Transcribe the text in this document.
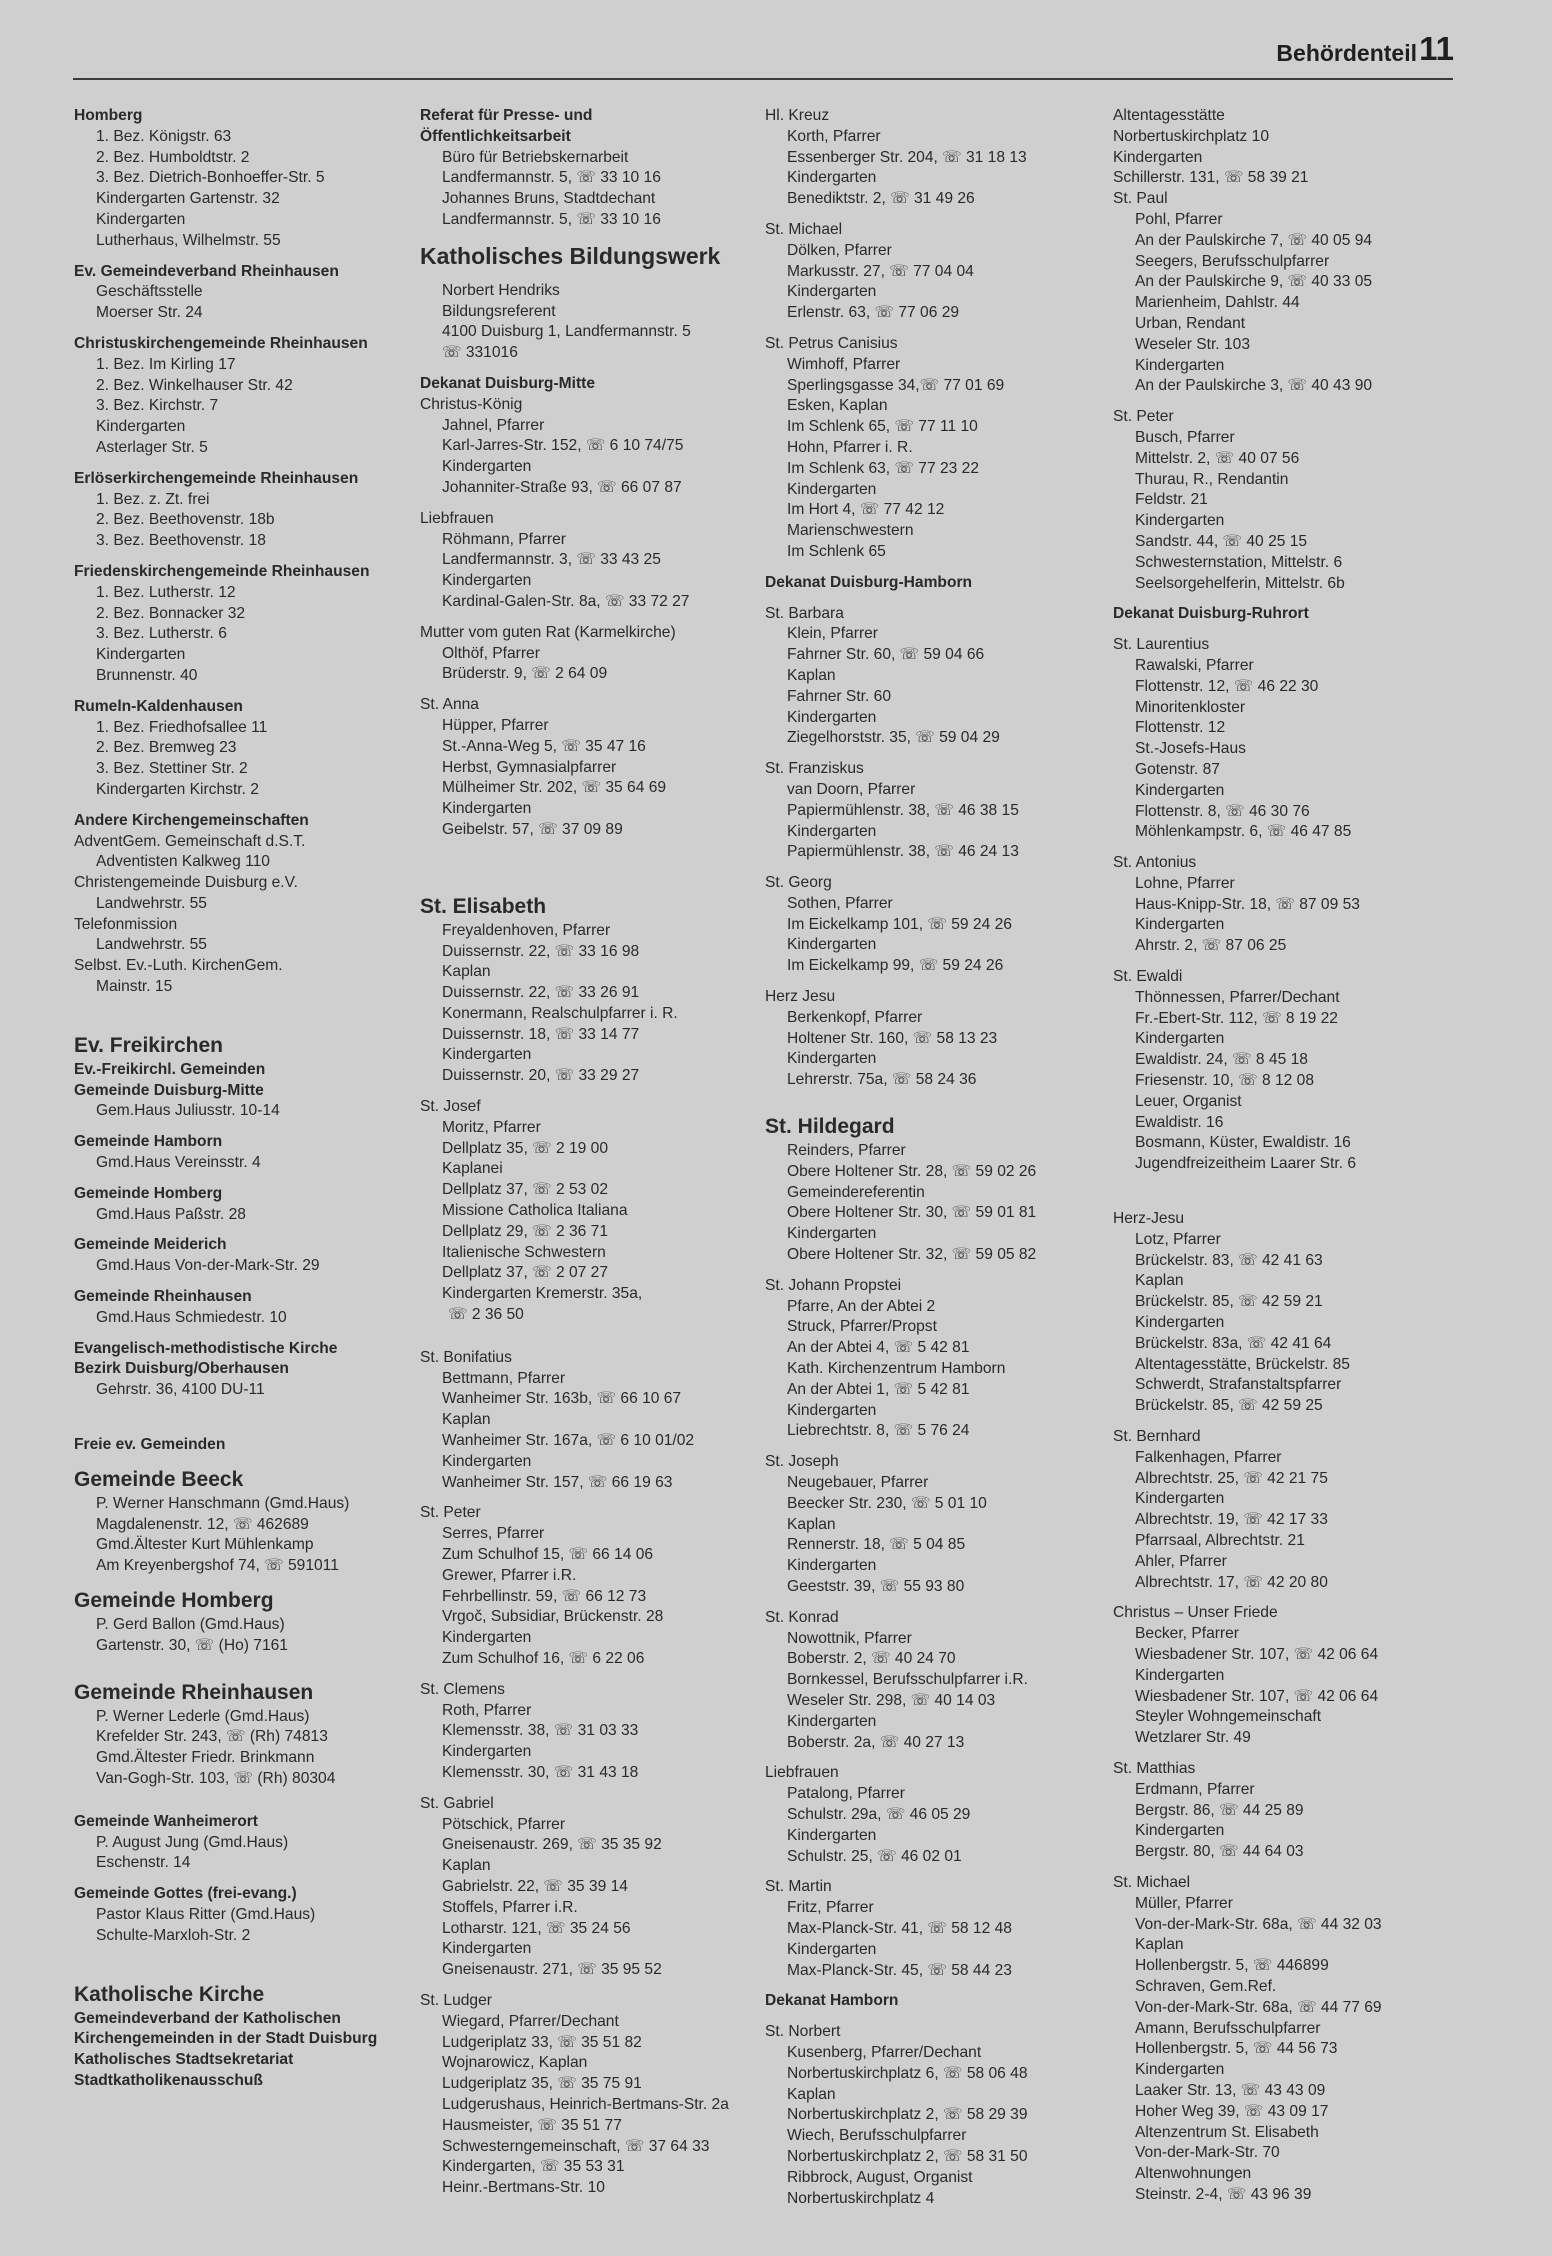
Behördenteil 11
Homberg
1. Bez. Königstr. 63
2. Bez. Humboldtstr. 2
3. Bez. Dietrich-Bonhoeffer-Str. 5
Kindergarten Gartenstr. 32
Kindergarten
Lutherhaus, Wilhelmstr. 55
Ev. Gemeindeverband Rheinhausen
Geschäftsstelle
Moerser Str. 24
Christuskirchengemeinde Rheinhausen
1. Bez. Im Kirling 17
2. Bez. Winkelhauser Str. 42
3. Bez. Kirchstr. 7
Kindergarten
Asterlager Str. 5
Erlöserkirchengemeinde Rheinhausen
1. Bez. z. Zt. frei
2. Bez. Beethovenstr. 18b
3. Bez. Beethovenstr. 18
Friedenskirchengemeinde Rheinhausen
1. Bez. Lutherstr. 12
2. Bez. Bonnacker 32
3. Bez. Lutherstr. 6
Kindergarten
Brunnenstr. 40
Rumeln-Kaldenhausen
1. Bez. Friedhofsallee 11
2. Bez. Bremweg 23
3. Bez. Stettiner Str. 2
Kindergarten Kirchstr. 2
Andere Kirchengemeinschaften
AdventGem. Gemeinschaft d.S.T.
Adventisten Kalkweg 110
Christengemeinde Duisburg e.V.
Landwehrstr. 55
Telefonmission
Landwehrstr. 55
Selbst. Ev.-Luth. KirchenGem.
Mainstr. 15
Ev. Freikirchen
Ev.-Freikirchl. Gemeinden
Gemeinde Duisburg-Mitte
Gem.Haus Juliusstr. 10-14
Gemeinde Hamborn
Gmd.Haus Vereinsstr. 4
Gemeinde Homberg
Gmd.Haus Paßstr. 28
Gemeinde Meiderich
Gmd.Haus Von-der-Mark-Str. 29
Gemeinde Rheinhausen
Gmd.Haus Schmiedestr. 10
Evangelisch-methodistische Kirche
Bezirk Duisburg/Oberhausen
Gehrstr. 36, 4100 DU-11
Freie ev. Gemeinden
Gemeinde Beeck
P. Werner Hanschmann (Gmd.Haus)
Magdalenenstr. 12, ☏ 462689
Gmd.Ältester Kurt Mühlenkamp
Am Kreyenbergshof 74, ☏ 591011
Gemeinde Homberg
P. Gerd Ballon (Gmd.Haus)
Gartenstr. 30, ☏ (Ho) 7161
Gemeinde Rheinhausen
P. Werner Lederle (Gmd.Haus)
Krefelder Str. 243, ☏ (Rh) 74813
Gmd.Ältester Friedr. Brinkmann
Van-Gogh-Str. 103, ☏ (Rh) 80304
Gemeinde Wanheimerort
P. August Jung (Gmd.Haus)
Eschenstr. 14
Gemeinde Gottes (frei-evang.)
Pastor Klaus Ritter (Gmd.Haus)
Schulte-Marxloh-Str. 2
Katholische Kirche
Gemeindeverband der Katholischen
Kirchengemeinden in der Stadt Duisburg
Katholisches Stadtsekretariat
Stadtkatholikenausschuß
Referat für Presse- und
Öffentlichkeitsarbeit
Büro für Betriebskernarbeit
Landfermannstr. 5, ☏ 33 10 16
Johannes Bruns, Stadtdechant
Landfermannstr. 5, ☏ 33 10 16
Katholisches Bildungswerk
Norbert Hendriks
Bildungsreferent
4100 Duisburg 1, Landfermannstr. 5
☏ 331016
Dekanat Duisburg-Mitte
Christus-König
Jahnel, Pfarrer
Karl-Jarres-Str. 152, ☏ 6 10 74/75
Kindergarten
Johanniter-Straße 93, ☏ 66 07 87
Liebfrauen
Röhmann, Pfarrer
Landfermannstr. 3, ☏ 33 43 25
Kindergarten
Kardinal-Galen-Str. 8a, ☏ 33 72 27
Mutter vom guten Rat (Karmelkirche)
Olthöf, Pfarrer
Brüderstr. 9, ☏ 2 64 09
St. Anna
Hüpper, Pfarrer
St.-Anna-Weg 5, ☏ 35 47 16
Herbst, Gymnasialpfarrer
Mülheimer Str. 202, ☏ 35 64 69
Kindergarten
Geibelstr. 57, ☏ 37 09 89
St. Elisabeth
Freyaldenhoven, Pfarrer
Duissernstr. 22, ☏ 33 16 98
Kaplan
Duissernstr. 22, ☏ 33 26 91
Konermann, Realschulpfarrer i. R.
Duissernstr. 18, ☏ 33 14 77
Kindergarten
Duissernstr. 20, ☏ 33 29 27
St. Josef
Moritz, Pfarrer
Dellplatz 35, ☏ 2 19 00
Kaplanei
Dellplatz 37, ☏ 2 53 02
Missione Catholica Italiana
Dellplatz 29, ☏ 2 36 71
Italienische Schwestern
Dellplatz 37, ☏ 2 07 27
Kindergarten Kremerstr. 35a,
☏ 2 36 50
St. Bonifatius
Bettmann, Pfarrer
Wanheimer Str. 163b, ☏ 66 10 67
Kaplan
Wanheimer Str. 167a, ☏ 6 10 01/02
Kindergarten
Wanheimer Str. 157, ☏ 66 19 63
St. Peter
Serres, Pfarrer
Zum Schulhof 15, ☏ 66 14 06
Grewer, Pfarrer i.R.
Fehrbellinstr. 59, ☏ 66 12 73
Vrgoč, Subsidiar, Brückenstr. 28
Kindergarten
Zum Schulhof 16, ☏ 6 22 06
St. Clemens
Roth, Pfarrer
Klemensstr. 38, ☏ 31 03 33
Kindergarten
Klemensstr. 30, ☏ 31 43 18
St. Gabriel
Pötschick, Pfarrer
Gneisenaustr. 269, ☏ 35 35 92
Kaplan
Gabrielstr. 22, ☏ 35 39 14
Stoffels, Pfarrer i.R.
Lotharstr. 121, ☏ 35 24 56
Kindergarten
Gneisenaustr. 271, ☏ 35 95 52
St. Ludger
Wiegard, Pfarrer/Dechant
Ludgeriplatz 33, ☏ 35 51 82
Wojnarowicz, Kaplan
Ludgeriplatz 35, ☏ 35 75 91
Ludgerushaus, Heinrich-Bertmans-Str. 2a
Hausmeister, ☏ 35 51 77
Schwesterngemeinschaft, ☏ 37 64 33
Kindergarten, ☏ 35 53 31
Heinr.-Bertmans-Str. 10
Hl. Kreuz
Korth, Pfarrer
Essenberger Str. 204, ☏ 31 18 13
Kindergarten
Benediktstr. 2, ☏ 31 49 26
St. Michael
Dölken, Pfarrer
Markusstr. 27, ☏ 77 04 04
Kindergarten
Erlenstr. 63, ☏ 77 06 29
St. Petrus Canisius
Wimhoff, Pfarrer
Sperlingsgasse 34,☏ 77 01 69
Esken, Kaplan
Im Schlenk 65, ☏ 77 11 10
Hohn, Pfarrer i. R.
Im Schlenk 63, ☏ 77 23 22
Kindergarten
Im Hort 4, ☏ 77 42 12
Marienschwestern
Im Schlenk 65
Dekanat Duisburg-Hamborn
St. Barbara
Klein, Pfarrer
Fahrner Str. 60, ☏ 59 04 66
Kaplan
Fahrner Str. 60
Kindergarten
Ziegelhorststr. 35, ☏ 59 04 29
St. Franziskus
van Doorn, Pfarrer
Papiermühlenstr. 38, ☏ 46 38 15
Kindergarten
Papiermühlenstr. 38, ☏ 46 24 13
St. Georg
Sothen, Pfarrer
Im Eickelkamp 101, ☏ 59 24 26
Kindergarten
Im Eickelkamp 99, ☏ 59 24 26
Herz Jesu
Berkenkopf, Pfarrer
Holtener Str. 160, ☏ 58 13 23
Kindergarten
Lehrerstr. 75a, ☏ 58 24 36
St. Hildegard
Reinders, Pfarrer
Obere Holtener Str. 28, ☏ 59 02 26
Gemeindereferentin
Obere Holtener Str. 30, ☏ 59 01 81
Kindergarten
Obere Holtener Str. 32, ☏ 59 05 82
St. Johann Propstei
Pfarre, An der Abtei 2
Struck, Pfarrer/Propst
An der Abtei 4, ☏ 5 42 81
Kath. Kirchenzentrum Hamborn
An der Abtei 1, ☏ 5 42 81
Kindergarten
Liebrechtstr. 8, ☏ 5 76 24
St. Joseph
Neugebauer, Pfarrer
Beecker Str. 230, ☏ 5 01 10
Kaplan
Rennerstr. 18, ☏ 5 04 85
Kindergarten
Geeststr. 39, ☏ 55 93 80
St. Konrad
Nowottnik, Pfarrer
Boberstr. 2, ☏ 40 24 70
Bornkessel, Berufsschulpfarrer i.R.
Weseler Str. 298, ☏ 40 14 03
Kindergarten
Boberstr. 2a, ☏ 40 27 13
Liebfrauen
Patalong, Pfarrer
Schulstr. 29a, ☏ 46 05 29
Kindergarten
Schulstr. 25, ☏ 46 02 01
St. Martin
Fritz, Pfarrer
Max-Planck-Str. 41, ☏ 58 12 48
Kindergarten
Max-Planck-Str. 45, ☏ 58 44 23
Dekanat Hamborn
St. Norbert
Kusenberg, Pfarrer/Dechant
Norbertuskirchplatz 6, ☏ 58 06 48
Kaplan
Norbertuskirchplatz 2, ☏ 58 29 39
Wiech, Berufsschulpfarrer
Norbertuskirchplatz 2, ☏ 58 31 50
Ribbrock, August, Organist
Norbertuskirchplatz 4
Altentagesstätte
Norbertuskirchplatz 10
Kindergarten
Schillerstr. 131, ☏ 58 39 21
St. Paul
Pohl, Pfarrer
An der Paulskirche 7, ☏ 40 05 94
Seegers, Berufsschulpfarrer
An der Paulskirche 9, ☏ 40 33 05
Marienheim, Dahlstr. 44
Urban, Rendant
Weseler Str. 103
Kindergarten
An der Paulskirche 3, ☏ 40 43 90
St. Peter
Busch, Pfarrer
Mittelstr. 2, ☏ 40 07 56
Thurau, R., Rendantin
Feldstr. 21
Kindergarten
Sandstr. 44, ☏ 40 25 15
Schwesternstation, Mittelstr. 6
Seelsorgehelferin, Mittelstr. 6b
Dekanat Duisburg-Ruhrort
St. Laurentius
Rawalski, Pfarrer
Flottenstr. 12, ☏ 46 22 30
Minoritenkloster
Flottenstr. 12
St.-Josefs-Haus
Gotenstr. 87
Kindergarten
Flottenstr. 8, ☏ 46 30 76
Möhlenkampstr. 6, ☏ 46 47 85
St. Antonius
Lohne, Pfarrer
Haus-Knipp-Str. 18, ☏ 87 09 53
Kindergarten
Ahrstr. 2, ☏ 87 06 25
St. Ewaldi
Thönnessen, Pfarrer/Dechant
Fr.-Ebert-Str. 112, ☏ 8 19 22
Kindergarten
Ewaldistr. 24, ☏ 8 45 18
Friesenstr. 10, ☏ 8 12 08
Leuer, Organist
Ewaldistr. 16
Bosmann, Küster, Ewaldistr. 16
Jugendfreizeitheim Laarer Str. 6
Herz-Jesu
Lotz, Pfarrer
Brückelstr. 83, ☏ 42 41 63
Kaplan
Brückelstr. 85, ☏ 42 59 21
Kindergarten
Brückelstr. 83a, ☏ 42 41 64
Altentagesstätte, Brückelstr. 85
Schwerdt, Strafanstaltspfarrer
Brückelstr. 85, ☏ 42 59 25
St. Bernhard
Falkenhagen, Pfarrer
Albrechtstr. 25, ☏ 42 21 75
Kindergarten
Albrechtstr. 19, ☏ 42 17 33
Pfarrsaal, Albrechtstr. 21
Ahler, Pfarrer
Albrechtstr. 17, ☏ 42 20 80
Christus – Unser Friede
Becker, Pfarrer
Wiesbadener Str. 107, ☏ 42 06 64
Kindergarten
Wiesbadener Str. 107, ☏ 42 06 64
Steyler Wohngemeinschaft
Wetzlarer Str. 49
St. Matthias
Erdmann, Pfarrer
Bergstr. 86, ☏ 44 25 89
Kindergarten
Bergstr. 80, ☏ 44 64 03
St. Michael
Müller, Pfarrer
Von-der-Mark-Str. 68a, ☏ 44 32 03
Kaplan
Hollenbergstr. 5, ☏ 446899
Schraven, Gem.Ref.
Von-der-Mark-Str. 68a, ☏ 44 77 69
Amann, Berufsschulpfarrer
Hollenbergstr. 5, ☏ 44 56 73
Kindergarten
Laaker Str. 13, ☏ 43 43 09
Hoher Weg 39, ☏ 43 09 17
Altenzentrum St. Elisabeth
Von-der-Mark-Str. 70
Altenwohnungen
Steinstr. 2-4, ☏ 43 96 39
